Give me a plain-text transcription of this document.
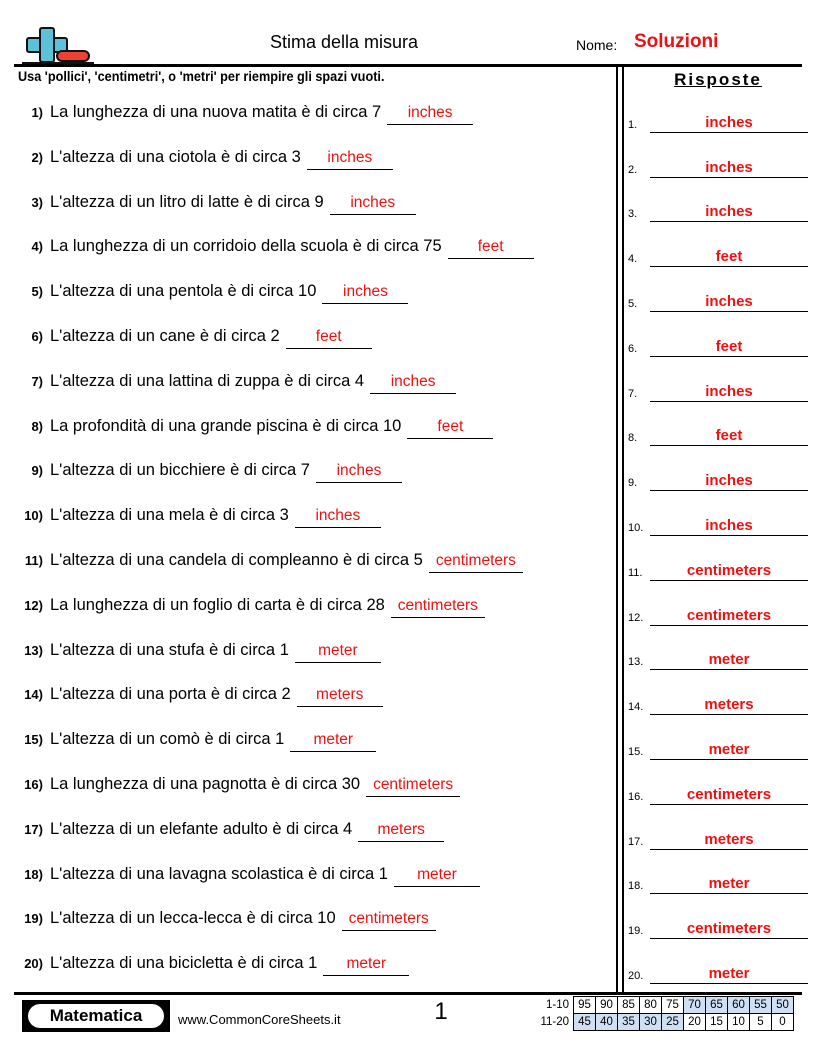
Stima della misura	Nome: Soluzioni
Usa 'pollici', 'centimetri', o 'metri' per riempire gli spazi vuoti.
1) La lunghezza di una nuova matita è di circa 7	inches
2) L'altezza di una ciotola è di circa 3	inches
3) L'altezza di un litro di latte è di circa 9	inches
4) La lunghezza di un corridoio della scuola è di circa 75	feet
5) L'altezza di una pentola è di circa 10	inches
6) L'altezza di un cane è di circa 2	feet
7) L'altezza di una lattina di zuppa è di circa 4	inches
8) La profondità di una grande piscina è di circa 10	feet
9) L'altezza di un bicchiere è di circa 7	inches
10) L'altezza di una mela è di circa 3	inches
11) L'altezza di una candela di compleanno è di circa 5 centimeters
12) La lunghezza di un foglio di carta è di circa 28 centimeters
13) L'altezza di una stufa è di circa 1	meter
14) L'altezza di una porta è di circa 2	meters
15) L'altezza di un comò è di circa 1	meter
16) La lunghezza di una pagnotta è di circa 30 centimeters
17) L'altezza di un elefante adulto è di circa 4	meters
18) L'altezza di una lavagna scolastica è di circa 1	meter
19) L'altezza di un lecca-lecca è di circa 10 centimeters
20) L'altezza di una bicicletta è di circa 1	meter
Risposte
1.	inches
2.	inches
3.	inches
4.	feet
5.	inches
6.	feet
7.	inches
8.	feet
9.	inches
10.	inches
11.	centimeters
12.	centimeters
13.	meter
14.	meters
15.	meter
16.	centimeters
17.	meters
18.	meter
19.	centimeters
20.	meter
Matematica	www.CommonCoreSheets.it	1	1-10	95	90	85	80	75	70	65	60	55	50
11-20	45	40	35	30	25	20	15	10	5	0
